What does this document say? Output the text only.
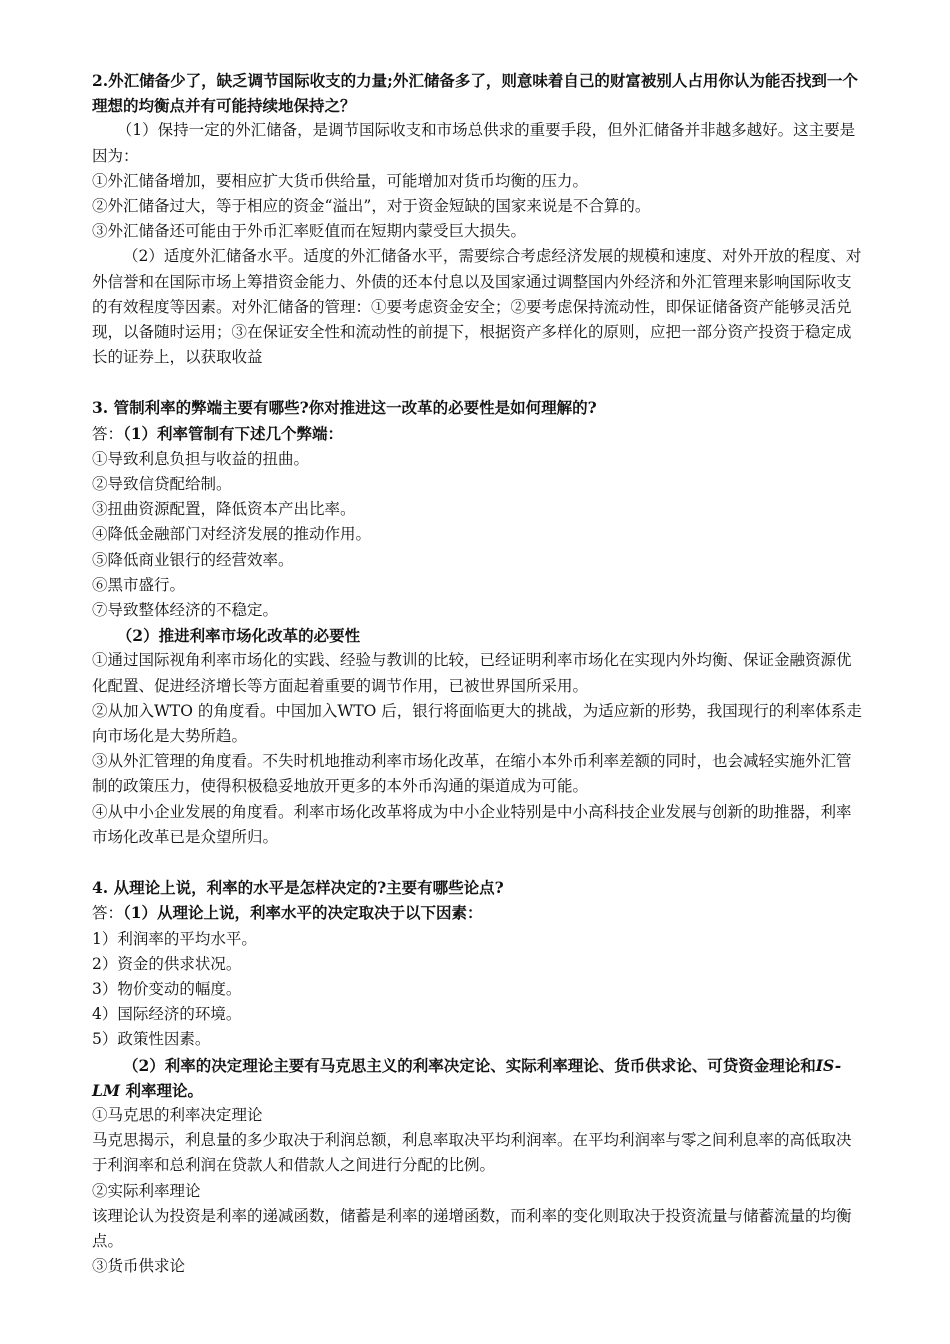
2.外汇储备少了，缺乏调节国际收支的力量;外汇储备多了，则意味着自己的财富被别人占用你认为能否找到一个理想的均衡点并有可能持续地保持之？

（1）保持一定的外汇储备，是调节国际收支和市场总供求的重要手段，但外汇储备并非越多越好。这主要是因为：

①外汇储备增加，要相应扩大货币供给量，可能增加对货币均衡的压力。

②外汇储备过大，等于相应的资金“溢出”，对于资金短缺的国家来说是不合算的。

③外汇储备还可能由于外币汇率贬值而在短期内蒙受巨大损失。

（2）适度外汇储备水平。适度的外汇储备水平，需要综合考虑经济发展的规模和速度、对外开放的程度、对外信誉和在国际市场上筹措资金能力、外债的还本付息以及国家通过调整国内外经济和外汇管理来影响国际收支的有效程度等因素。对外汇储备的管理：①要考虑资金安全；②要考虑保持流动性，即保证储备资产能够灵活兑现，以备随时运用；③在保证安全性和流动性的前提下，根据资产多样化的原则，应把一部分资产投资于稳定成长的证券上，以获取收益

3. 管制利率的弊端主要有哪些?你对推进这一改革的必要性是如何理解的?

答：（1）利率管制有下述几个弊端：

①导致利息负担与收益的扭曲。

②导致信贷配给制。

③扭曲资源配置，降低资本产出比率。

④降低金融部门对经济发展的推动作用。

⑤降低商业银行的经营效率。

⑥黑市盛行。

⑦导致整体经济的不稳定。

（2）推进利率市场化改革的必要性

①通过国际视角利率市场化的实践、经验与教训的比较，已经证明利率市场化在实现内外均衡、保证金融资源优化配置、促进经济增长等方面起着重要的调节作用，已被世界国所采用。

②从加入WTO 的角度看。中国加入WTO 后，银行将面临更大的挑战，为适应新的形势，我国现行的利率体系走向市场化是大势所趋。

③从外汇管理的角度看。不失时机地推动利率市场化改革，在缩小本外币利率差额的同时，也会减轻实施外汇管制的政策压力，使得积极稳妥地放开更多的本外币沟通的渠道成为可能。

④从中小企业发展的角度看。利率市场化改革将成为中小企业特别是中小高科技企业发展与创新的助推器，利率市场化改革已是众望所归。

4. 从理论上说，利率的水平是怎样决定的?主要有哪些论点?

答：（1）从理论上说，利率水平的决定取决于以下因素：

1）利润率的平均水平。

2）资金的供求状况。

3）物价变动的幅度。

4）国际经济的环境。

5）政策性因素。

（2）利率的决定理论主要有马克思主义的利率决定论、实际利率理论、货币供求论、可贷资金理论和IS-LM 利率理论。

①马克思的利率决定理论

马克思揭示，利息量的多少取决于利润总额，利息率取决平均利润率。在平均利润率与零之间利息率的高低取决于利润率和总利润在贷款人和借款人之间进行分配的比例。

②实际利率理论

该理论认为投资是利率的递减函数，储蓄是利率的递增函数，而利率的变化则取决于投资流量与储蓄流量的均衡点。

③货币供求论
